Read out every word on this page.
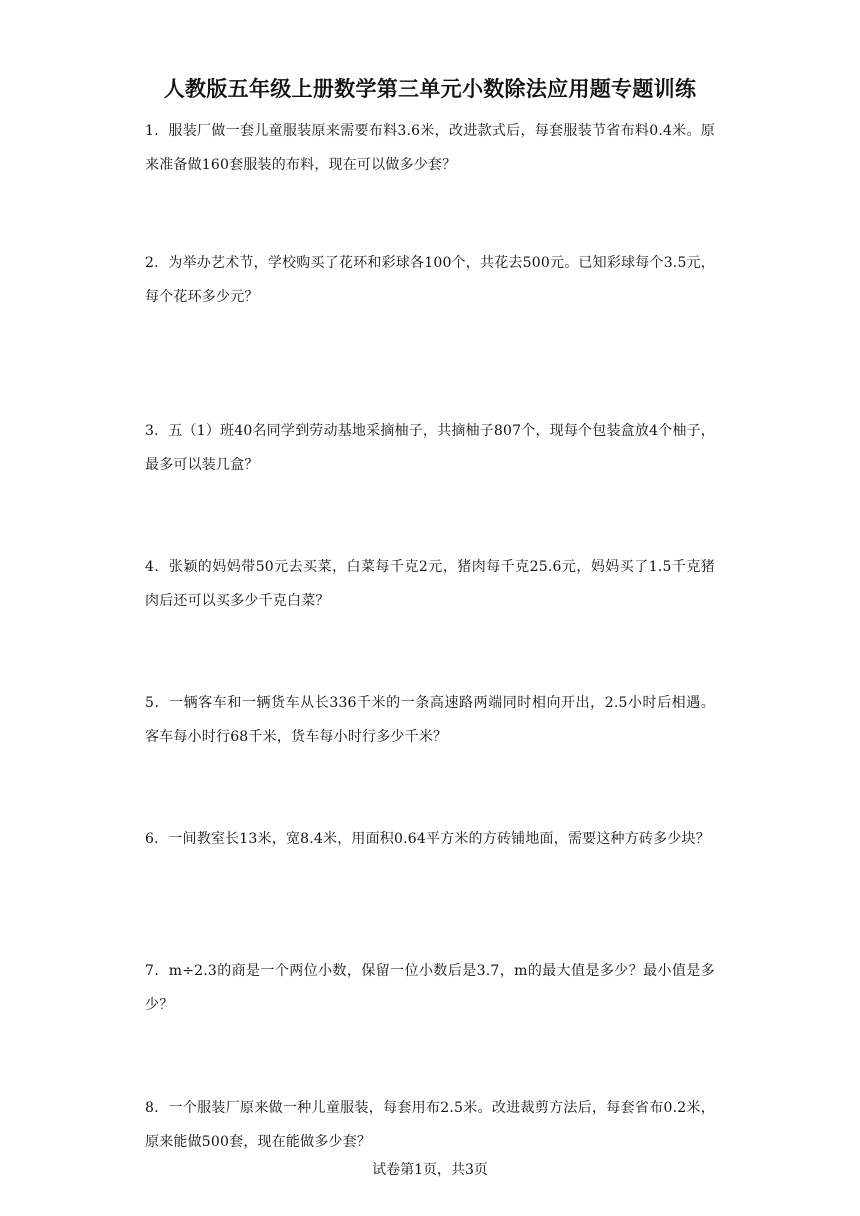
人教版五年级上册数学第三单元小数除法应用题专题训练
1．服装厂做一套儿童服装原来需要布料3.6米，改进款式后，每套服装节省布料0.4米。原来准备做160套服装的布料，现在可以做多少套？
2．为举办艺术节，学校购买了花环和彩球各100个，共花去500元。已知彩球每个3.5元，每个花环多少元？
3．五（1）班40名同学到劳动基地采摘柚子，共摘柚子807个，现每个包装盒放4个柚子，最多可以装几盒？
4．张颖的妈妈带50元去买菜，白菜每千克2元，猪肉每千克25.6元，妈妈买了1.5千克猪肉后还可以买多少千克白菜？
5．一辆客车和一辆货车从长336千米的一条高速路两端同时相向开出，2.5小时后相遇。客车每小时行68千米，货车每小时行多少千米？
6．一间教室长13米，宽8.4米，用面积0.64平方米的方砖铺地面，需要这种方砖多少块？
7．m÷2.3的商是一个两位小数，保留一位小数后是3.7，m的最大值是多少？最小值是多少？
8．一个服装厂原来做一种儿童服装，每套用布2.5米。改进裁剪方法后，每套省布0.2米，原来能做500套，现在能做多少套？
试卷第1页，共3页
